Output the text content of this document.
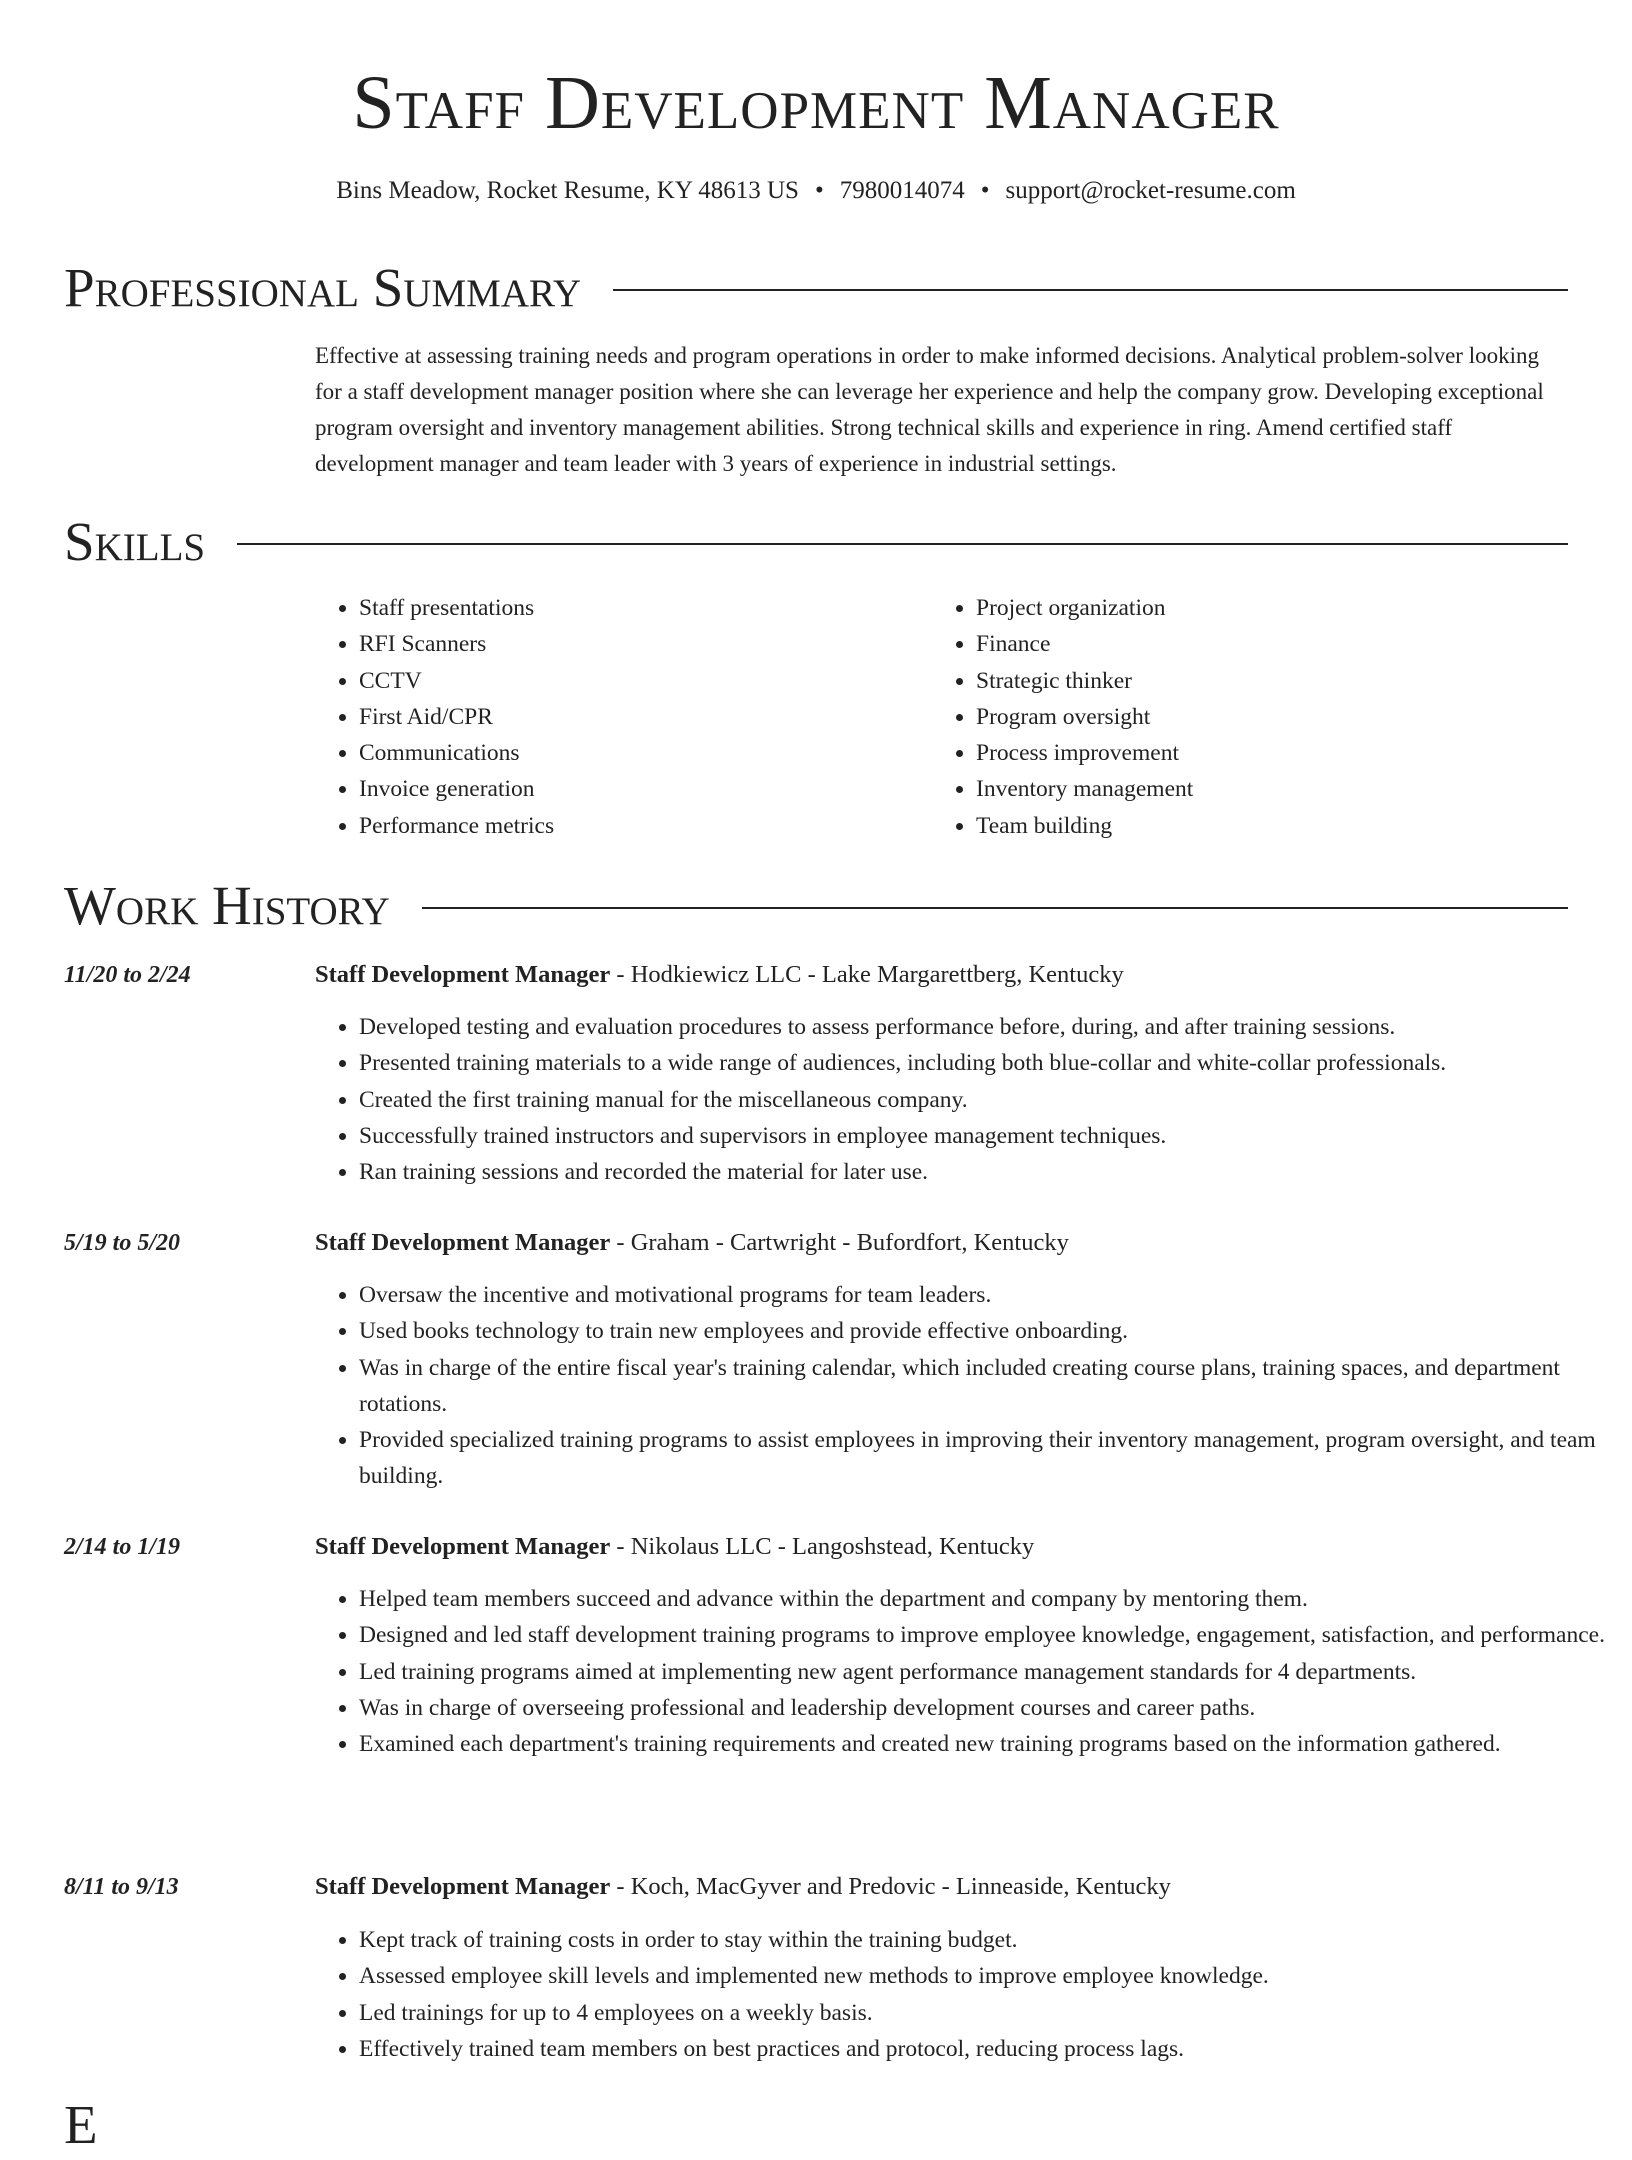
Staff Development Manager
Bins Meadow, Rocket Resume, KY 48613 US • 7980014074 • support@rocket-resume.com
Professional Summary

Effective at assessing training needs and program operations in order to make informed decisions. Analytical problem-solver looking for a staff development manager position where she can leverage her experience and help the company grow. Developing exceptional program oversight and inventory management abilities. Strong technical skills and experience in ring. Amend certified staff development manager and team leader with 3 years of experience in industrial settings.

Skills
• Staff presentations
• RFI Scanners
• CCTV
• First Aid/CPR
• Communications
• Invoice generation
• Performance metrics
• Project organization
• Finance
• Strategic thinker
• Program oversight
• Process improvement
• Inventory management
• Team building
Work History
11/20 to 2/24	Staff Development Manager - Hodkiewicz LLC - Lake Margarettberg, Kentucky
• Developed testing and evaluation procedures to assess performance before, during, and after training sessions.
• Presented training materials to a wide range of audiences, including both blue-collar and white-collar professionals.
• Created the first training manual for the miscellaneous company.
• Successfully trained instructors and supervisors in employee management techniques.
• Ran training sessions and recorded the material for later use.
5/19 to 5/20	Staff Development Manager - Graham - Cartwright - Bufordfort, Kentucky
• Oversaw the incentive and motivational programs for team leaders.
• Used books technology to train new employees and provide effective onboarding.
• Was in charge of the entire fiscal year's training calendar, which included creating course plans, training spaces, and department rotations.
• Provided specialized training programs to assist employees in improving their inventory management, program oversight, and team building.
2/14 to 1/19	Staff Development Manager - Nikolaus LLC - Langoshstead, Kentucky
• Helped team members succeed and advance within the department and company by mentoring them.
• Designed and led staff development training programs to improve employee knowledge, engagement, satisfaction, and performance.
• Led training programs aimed at implementing new agent performance management standards for 4 departments.
• Was in charge of overseeing professional and leadership development courses and career paths.
• Examined each department's training requirements and created new training programs based on the information gathered.
8/11 to 9/13	Staff Development Manager - Koch, MacGyver and Predovic - Linneaside, Kentucky
• Kept track of training costs in order to stay within the training budget.
• Assessed employee skill levels and implemented new methods to improve employee knowledge.
• Led trainings for up to 4 employees on a weekly basis.
• Effectively trained team members on best practices and protocol, reducing process lags.
E
